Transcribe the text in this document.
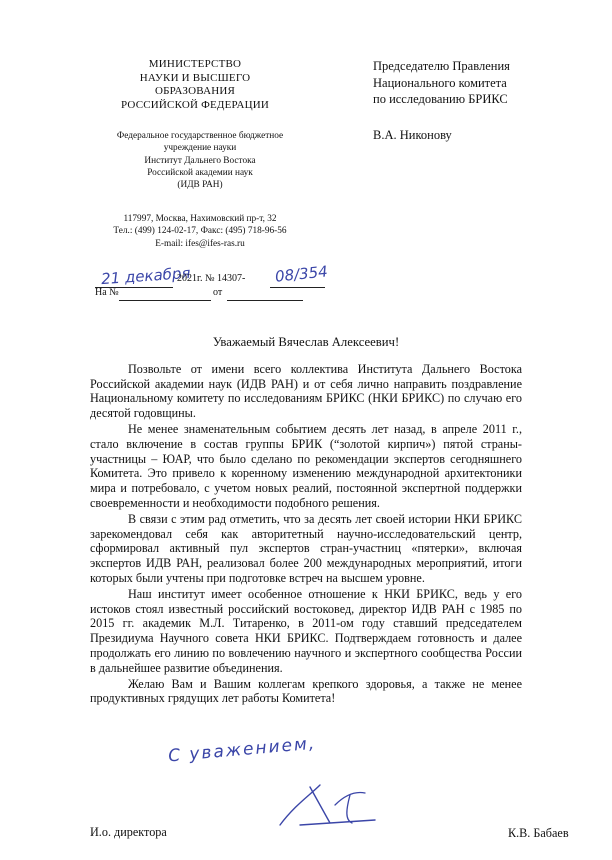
МИНИСТЕРСТВО
НАУКИ И ВЫСШЕГО
ОБРАЗОВАНИЯ
РОССИЙСКОЙ ФЕДЕРАЦИИ
Федеральное государственное бюджетное
учреждение науки
Институт Дальнего Востока
Российской академии наук
(ИДВ РАН)
117997, Москва, Нахимовский пр-т, 32
Тел.: (499) 124-02-17, Факс: (495) 718-96-56
E-mail: ifes@ifes-ras.ru
Председателю Правления
Национального комитета
по исследованию БРИКС
В.А. Никонову
21 декабря
2021г. № 14307- 08/354
На №	от
Уважаемый Вячеслав Алексеевич!

Позвольте от имени всего коллектива Института Дальнего Востока Российской академии наук (ИДВ РАН) и от себя лично направить поздравление Национальному комитету по исследованиям БРИКС (НКИ БРИКС) по случаю его десятой годовщины.

Не менее знаменательным событием десять лет назад, в апреле 2011 г., стало включение в состав группы БРИК (“золотой кирпич») пятой страны-участницы – ЮАР, что было сделано по рекомендации экспертов сегодняшнего Комитета. Это привело к коренному изменению международной архитектоники мира и потребовало, с учетом новых реалий, постоянной экспертной поддержки своевременности и необходимости подобного решения.

В связи с этим рад отметить, что за десять лет своей истории НКИ БРИКС зарекомендовал себя как авторитетный научно-исследовательский центр, сформировал активный пул экспертов стран-участниц «пятерки», включая экспертов ИДВ РАН, реализовал более 200 международных мероприятий, итоги которых были учтены при подготовке встреч на высшем уровне.

Наш институт имеет особенное отношение к НКИ БРИКС, ведь у его истоков стоял известный российский востоковед, директор ИДВ РАН с 1985 по 2015 гг. академик М.Л. Титаренко, в 2011-ом году ставший председателем Президиума Научного совета НКИ БРИКС. Подтверждаем готовность и далее продолжать его линию по вовлечению научного и экспертного сообщества России в дальнейшее развитие объединения.

Желаю Вам и Вашим коллегам крепкого здоровья, а также не менее продуктивных грядущих лет работы Комитета!

С уважением,
И.о. директора	К.В. Бабаев
